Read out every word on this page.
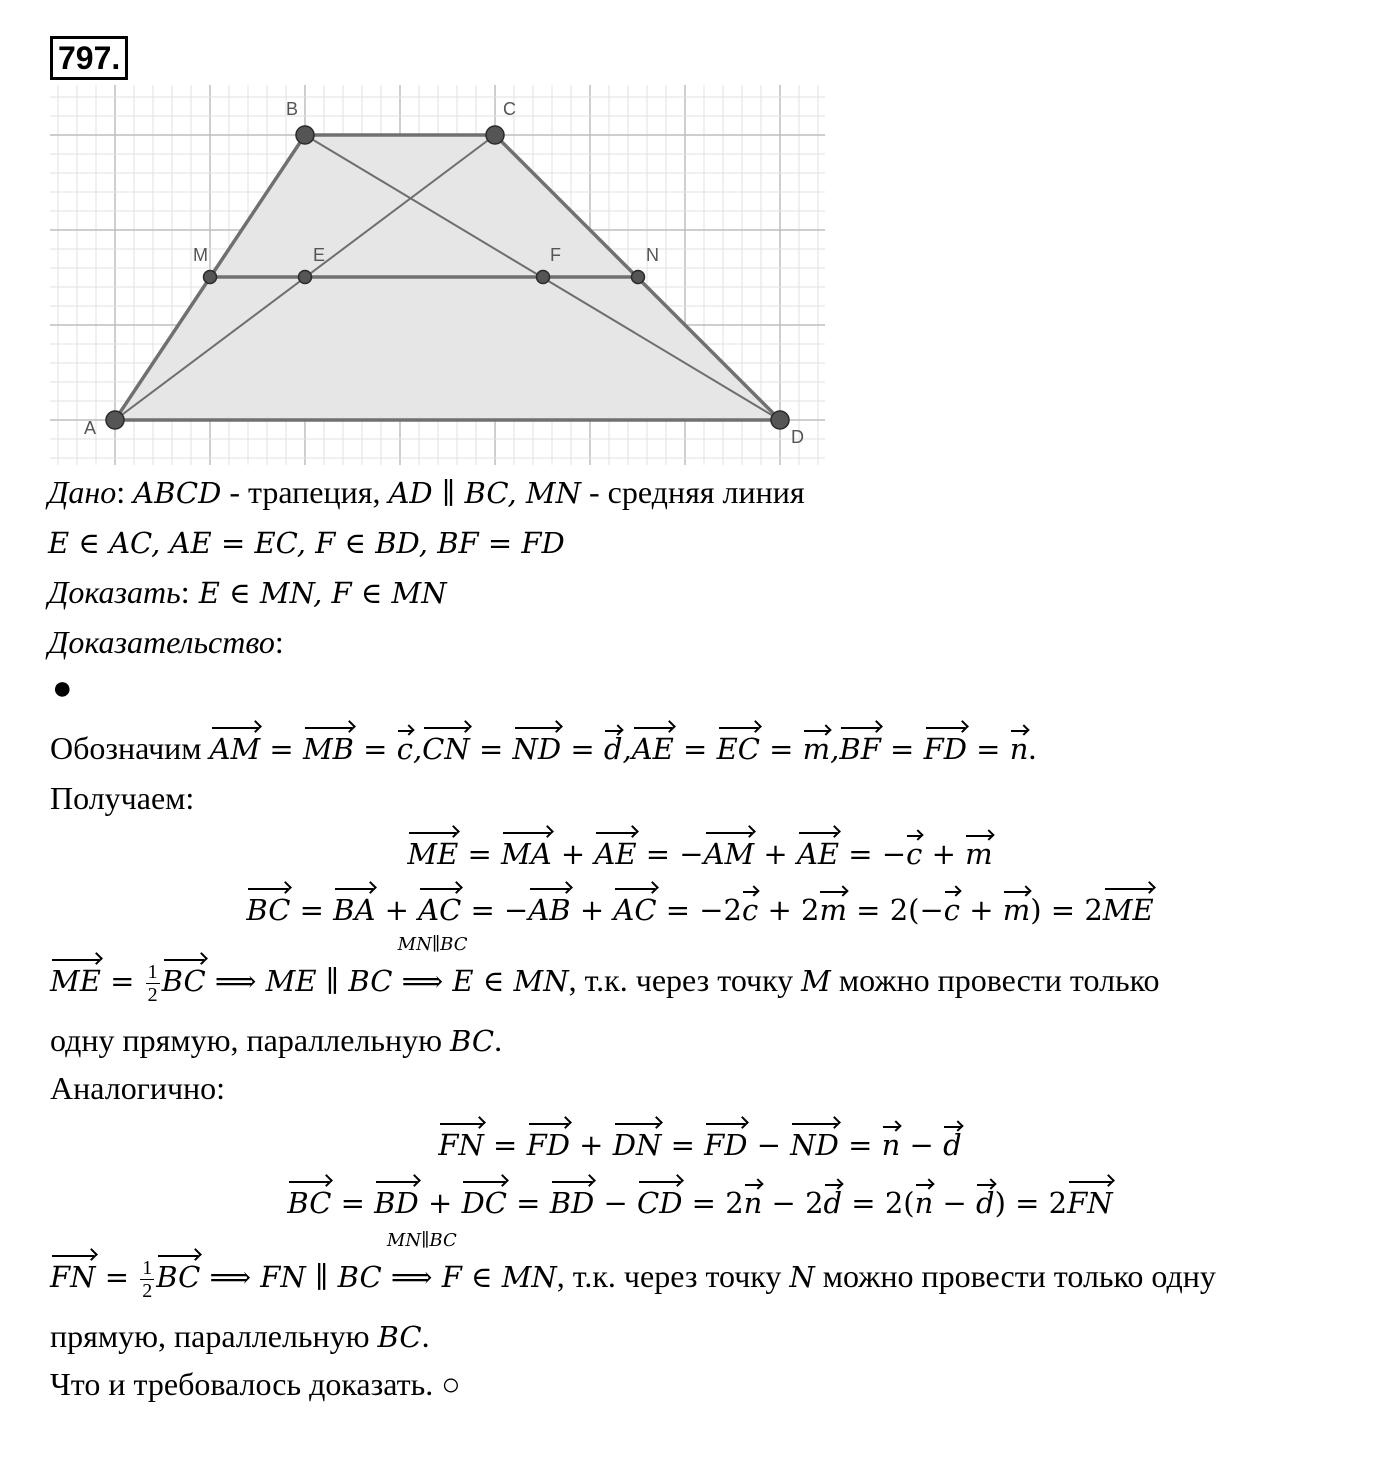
797.
A
B	C
D
M	E	F	N
Дано: ABCD - трапеция, AD ∥ BC, MN - средняя линия
E ∈ AC, AE = EC, F ∈ BD, BF = FD
Доказать: E ∈ MN, F ∈ MN
Доказательство:
●
Обозначим AM = MB = c,CN = ND = d,AE = EC = m,BF = FD = n.
Получаем:
ME = MA + AE = −AM + AE = −c + m
BC = BA + AC = −AB + AC = −2c + 2m = 2(−c + m) = 2ME
ME = $\frac{1}{2}$ BC ⟹ ME ∥ BC
MN∥BC
⟹ E ∈ MN, т.к. через точку M можно провести только
одну прямую, параллельную BC.
Аналогично:
FN = FD + DN = FD − ND = n − d
BC = BD + DC = BD − CD = 2n − 2d = 2(n − d) = 2FN
FN = $\frac{1}{2}$ BC ⟹ FN ∥ BC
MN∥BC
⟹ F ∈ MN, т.к. через точку N можно провести только одну
прямую, параллельную BC.
Что и требовалось доказать. ○
